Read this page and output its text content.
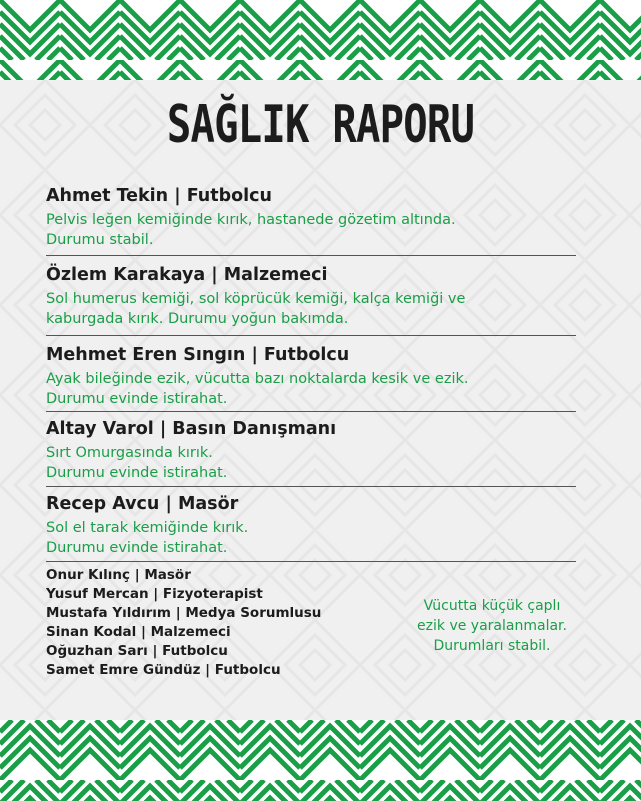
SAĞLIK RAPORU
Ahmet Tekin | Futbolcu
Pelvis leğen kemiğinde kırık, hastanede gözetim altında.
Durumu stabil.
Özlem Karakaya | Malzemeci
Sol humerus kemiği, sol köprücük kemiği, kalça kemiği ve
kaburgada kırık. Durumu yoğun bakımda.
Mehmet Eren Sıngın | Futbolcu
Ayak bileğinde ezik, vücutta bazı noktalarda kesik ve ezik.
Durumu evinde istirahat.
Altay Varol | Basın Danışmanı
Sırt Omurgasında kırık.
Durumu evinde istirahat.
Recep Avcu | Masör
Sol el tarak kemiğinde kırık.
Durumu evinde istirahat.
Onur Kılınç | Masör
Yusuf Mercan | Fizyoterapist
Mustafa Yıldırım | Medya Sorumlusu
Sinan Kodal | Malzemeci
Oğuzhan Sarı | Futbolcu
Samet Emre Gündüz | Futbolcu
Vücutta küçük çaplı
ezik ve yaralanmalar.
Durumları stabil.
